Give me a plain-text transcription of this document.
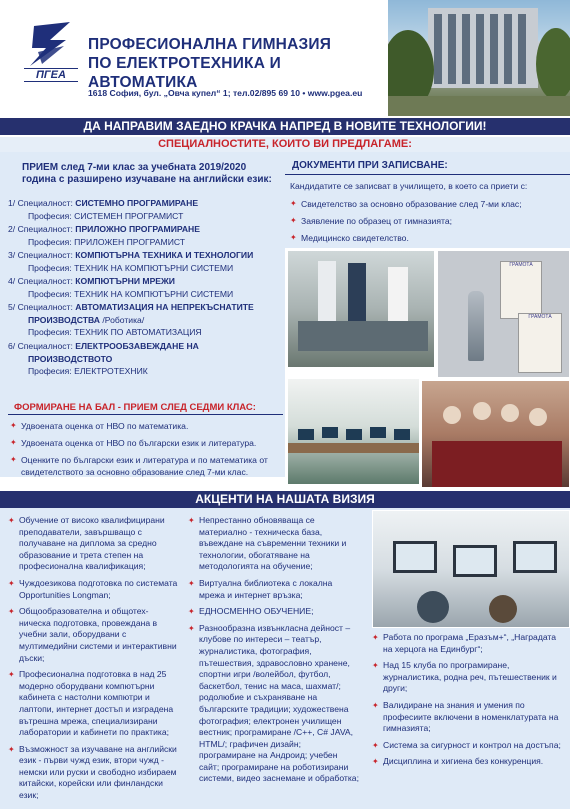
ПГЕА
ПРОФЕСИОНАЛНА ГИМНАЗИЯ
ПО ЕЛЕКТРОТЕХНИКА И АВТОМАТИКА
1618 София, бул. „Овча купел“ 1; тел.02/895 69 10 • www.pgea.eu
ДА НАПРАВИМ ЗАЕДНО КРАЧКА НАПРЕД В НОВИТЕ ТЕХНОЛОГИИ!
СПЕЦИАЛНОСТИТЕ, КОИТО ВИ ПРЕДЛАГАМЕ:
ПРИЕМ след 7-ми клас за учебната 2019/2020
година с разширено изучаване на английски език:
1/ Специалност: СИСТЕМНО ПРОГРАМИРАНЕ
Професия: СИСТЕМЕН ПРОГРАМИСТ
2/ Специалност: ПРИЛОЖНО ПРОГРАМИРАНЕ
Професия: ПРИЛОЖЕН ПРОГРАМИСТ
3/ Специалност: КОМПЮТЪРНА ТЕХНИКА И ТЕХНОЛОГИИ
Професия: ТЕХНИК НА КОМПЮТЪРНИ СИСТЕМИ
4/ Специалност: КОМПЮТЪРНИ МРЕЖИ
Професия: ТЕХНИК НА КОМПЮТЪРНИ СИСТЕМИ
5/ Специалност: АВТОМАТИЗАЦИЯ НА НЕПРЕКЪСНАТИТЕ
ПРОИЗВОДСТВА /Роботика/
Професия: ТЕХНИК ПО АВТОМАТИЗАЦИЯ
6/ Специалност: ЕЛЕКТРООБЗАВЕЖДАНЕ НА
ПРОИЗВОДСТВОТО
Професия: ЕЛЕКТРОТЕХНИК
ФОРМИРАНЕ НА БАЛ - ПРИЕМ СЛЕД СЕДМИ КЛАС:
✦ Удвоената оценка от НВО по математика.
✦ Удвоената оценка от НВО по български език и литература.
✦ Оценките по български език и литература и по математика от свидетелството за основно образование след 7-ми клас.
ДОКУМЕНТИ ПРИ ЗАПИСВАНЕ:
Кандидатите се записват в училището, в което са приети с:
✦ Свидетелство за основно образование след 7-ми клас;
✦ Заявление по образец от гимназията;
✦ Медицинско свидетелство.
ГРАМОТА
ГРАМОТА
АКЦЕНТИ НА НАШАТА ВИЗИЯ
✦ Обучение от високо квалифицирани преподаватели, завършващо с получаване на диплома за средно образование и трета степен на професионална квалификация;
✦ Чуждоезикова подготовка по системата Opportunities Longman;
✦ Общообразователна и общотех-ническа подготовка, провеждана в учебни зали, оборудвани с мултимедийни системи и интерактивни дъски;
✦ Професионална подготовка в над 25 модерно оборудвани компютърни кабинета с настолни компютри и лаптопи, интернет достъп и изградена вътрешна мрежа, специализирани лаборатории и кабинети по практика;
✦ Възможност за изучаване на английски език - първи чужд език, втори чужд - немски или руски и свободно избираем китайски, корейски или финландски език;
✦ Непрестанно обновяваща се материално - техническа база, въвеждане на съвременни техники и технологии, обогатяване на методологията на обучение;
✦ Виртуална библиотека с локална мрежа и интернет връзка;
✦ ЕДНОСМЕННО ОБУЧЕНИЕ;
✦ Разнообразна извънкласна дейност – клубове по интереси – театър, журналистика, фотография, пътешествия, здравословно хранене, спортни игри /волейбол, футбол, баскетбол, тенис на маса, шахмат/; родолюбие и съхраняване на българските традиции; художествена фотография; електронен училищен вестник; програмиране /С++, С# JAVA, HTML/; графичен дизайн; програмиране на Андроид; учебен сайт; програмиране на роботизирани системи, видео заснемане и обработка;
✦ Работа по програма „Еразъм+“, „Наградата на херцога на Единбург“;
✦ Над 15 клуба по програмиране, журналистика, родна реч, пътешественик и други;
✦ Валидиране на знания и умения по професиите включени в номенклатурата на гимназията;
✦ Система за сигурност и контрол на достъпа;
✦ Дисциплина и хигиена без конкуренция.
